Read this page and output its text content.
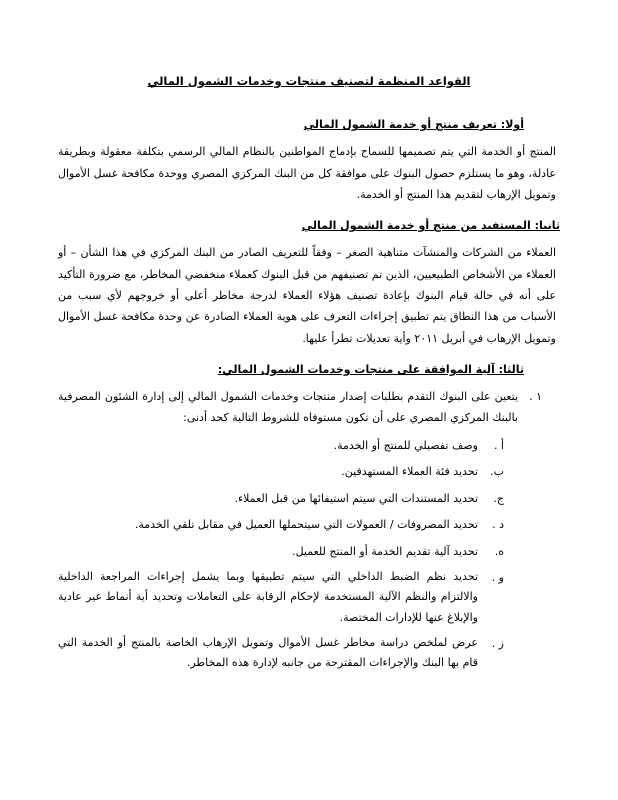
القواعد المنظمة لتصنيف منتجات وخدمات الشمول المالي
أولا: تعريف منتج أو خدمة الشمول المالي

المنتج أو الخدمة التي يتم تصميمها للسماح بإدماج المواطنين بالنظام المالي الرسمي بتكلفة معقولة وبطريقة عادلة، وهو ما يستلزم حصول البنوك على موافقة كل من البنك المركزي المصري ووحدة مكافحة غسل الأموال وتمويل الإرهاب لتقديم هذا المنتج أو الخدمة.

ثانيا: المستفيد من منتج أو خدمة الشمول المالي

العملاء من الشركات والمنشآت متناهية الصغر – وفقاً للتعريف الصادر من البنك المركزي في هذا الشأن – أو العملاء من الأشخاص الطبيعيين، الذين تم تصنيفهم من قبل البنوك كعملاء منخفضي المخاطر، مع ضرورة التأكيد على أنه في حالة قيام البنوك بإعادة تصنيف هؤلاء العملاء لدرجة مخاطر أعلى أو خروجهم لأي سبب من الأسباب من هذا النطاق يتم تطبيق إجراءات التعرف على هوية العملاء الصادرة عن وحدة مكافحة غسل الأموال وتمويل الإرهاب في أبريل ٢٠١١ وأية تعديلات تطرأ عليها.

ثالثا: آلية الموافقة على منتجات وخدمات الشمول المالي:
١ .
يتعين على البنوك التقدم بطلبات إصدار منتجات وخدمات الشمول المالي إلى إدارة الشئون المصرفية بالبنك المركزي المصري على أن تكون مستوفاه للشروط التالية كحد أدنى:
أ .
وصف تفصيلي للمنتج أو الخدمة.
ب.
تحديد فئة العملاء المستهدفين.
ج.
تحديد المستندات التي سيتم استيفائها من قبل العملاء.
د .
تحديد المصروفات / العمولات التي سيتحملها العميل في مقابل تلقي الخدمة.
ه.
تحديد آلية تقديم الخدمة أو المنتج للعميل.
و .
تحديد نظم الضبط الداخلي التي سيتم تطبيقها وبما يشمل إجراءات المراجعة الداخلية والالتزام والنظم الآلية المستخدمة لإحكام الرقابة على التعاملات وتحديد أية أنماط غير عادية والإبلاغ عنها للإدارات المختصة.
ز .
عرض لملخص دراسة مخاطر غسل الأموال وتمويل الإرهاب الخاصة بالمنتج أو الخدمة التي قام بها البنك والإجراءات المقترحة من جانبه لإدارة هذه المخاطر.
